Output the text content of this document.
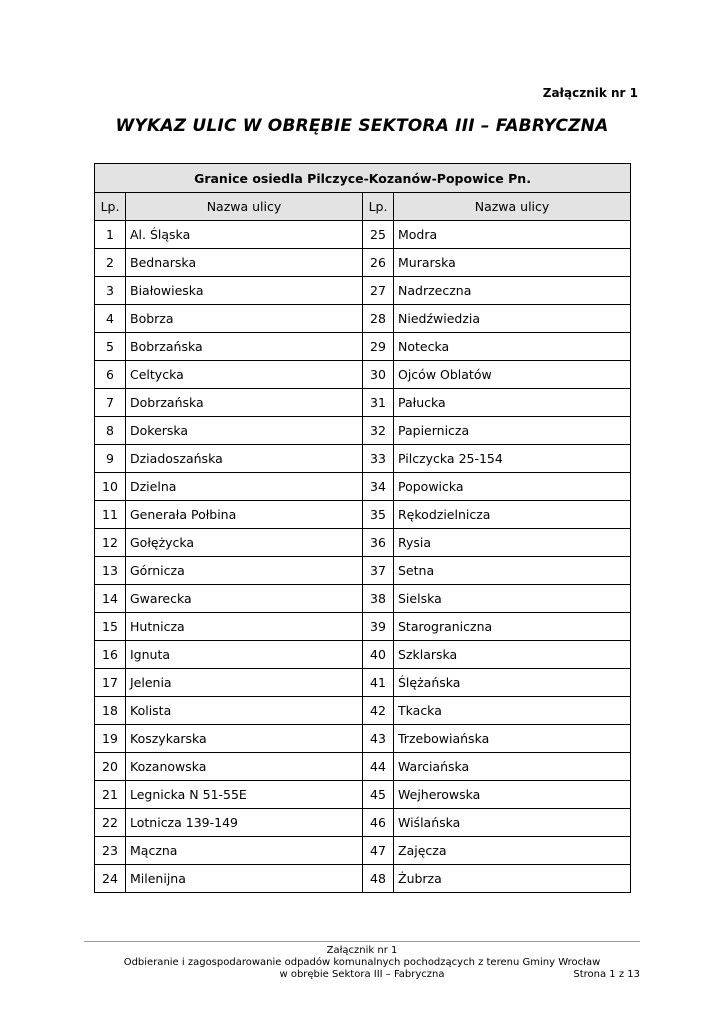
Załącznik nr 1
WYKAZ ULIC W OBRĘBIE SEKTORA III – FABRYCZNA
Granice osiedla Pilczyce-Kozanów-Popowice Pn.			
Lp.	Nazwa ulicy	Lp.	Nazwa ulicy
1	Al. Śląska	25	Modra
2	Bednarska	26	Murarska
3	Białowieska	27	Nadrzeczna
4	Bobrza	28	Niedźwiedzia
5	Bobrzańska	29	Notecka
6	Celtycka	30	Ojców Oblatów
7	Dobrzańska	31	Pałucka
8	Dokerska	32	Papiernicza
9	Dziadoszańska	33	Pilczycka 25-154
10	Dzielna	34	Popowicka
11	Generała Połbina	35	Rękodzielnicza
12	Gołężycka	36	Rysia
13	Górnicza	37	Setna
14	Gwarecka	38	Sielska
15	Hutnicza	39	Starograniczna
16	Ignuta	40	Szklarska
17	Jelenia	41	Ślężańska
18	Kolista	42	Tkacka
19	Koszykarska	43	Trzebowiańska
20	Kozanowska	44	Warciańska
21	Legnicka N 51-55E	45	Wejherowska
22	Lotnicza 139-149	46	Wiślańska
23	Mączna	47	Zajęcza
24	Milenijna	48	Żubrza
Załącznik nr 1
Odbieranie i zagospodarowanie odpadów komunalnych pochodzących z terenu Gminy Wrocław
w obrębie Sektora III – Fabryczna	Strona 1 z 13
